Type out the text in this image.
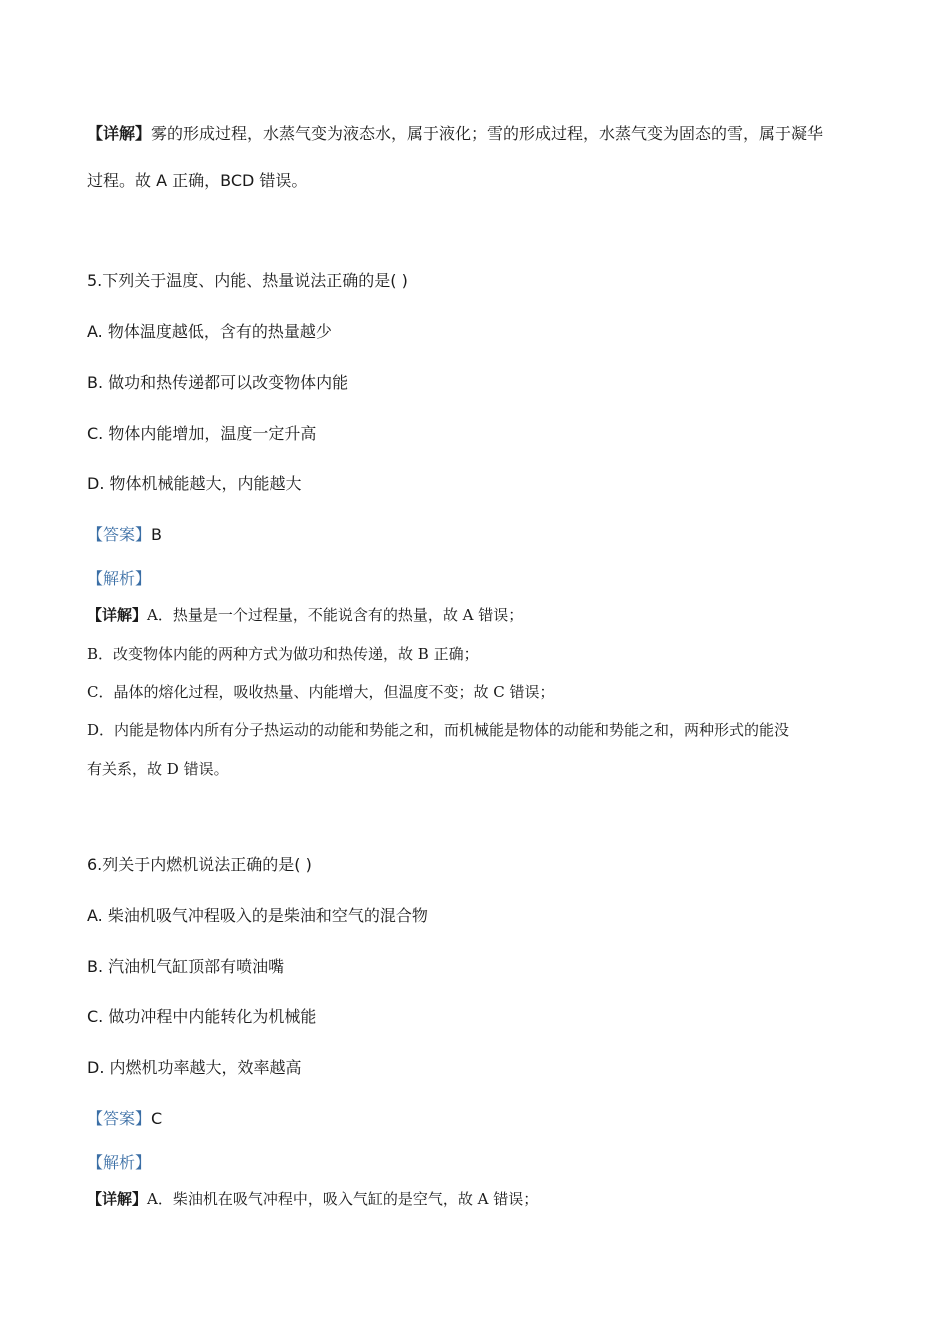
【详解】雾的形成过程，水蒸气变为液态水，属于液化；雪的形成过程，水蒸气变为固态的雪，属于凝华
过程。故 A 正确，BCD 错误。
5.下列关于温度、内能、热量说法正确的是( )
A. 物体温度越低，含有的热量越少
B. 做功和热传递都可以改变物体内能
C. 物体内能增加，温度一定升高
D. 物体机械能越大，内能越大
【答案】B
【解析】
【详解】A．热量是一个过程量，不能说含有的热量，故 A 错误；
B．改变物体内能的两种方式为做功和热传递，故 B 正确；
C．晶体的熔化过程，吸收热量、内能增大，但温度不变；故 C 错误；
D．内能是物体内所有分子热运动的动能和势能之和，而机械能是物体的动能和势能之和，两种形式的能没
有关系，故 D 错误。
6.列关于内燃机说法正确的是( )
A. 柴油机吸气冲程吸入的是柴油和空气的混合物
B. 汽油机气缸顶部有喷油嘴
C. 做功冲程中内能转化为机械能
D. 内燃机功率越大，效率越高
【答案】C
【解析】
【详解】A．柴油机在吸气冲程中，吸入气缸的是空气，故 A 错误；
